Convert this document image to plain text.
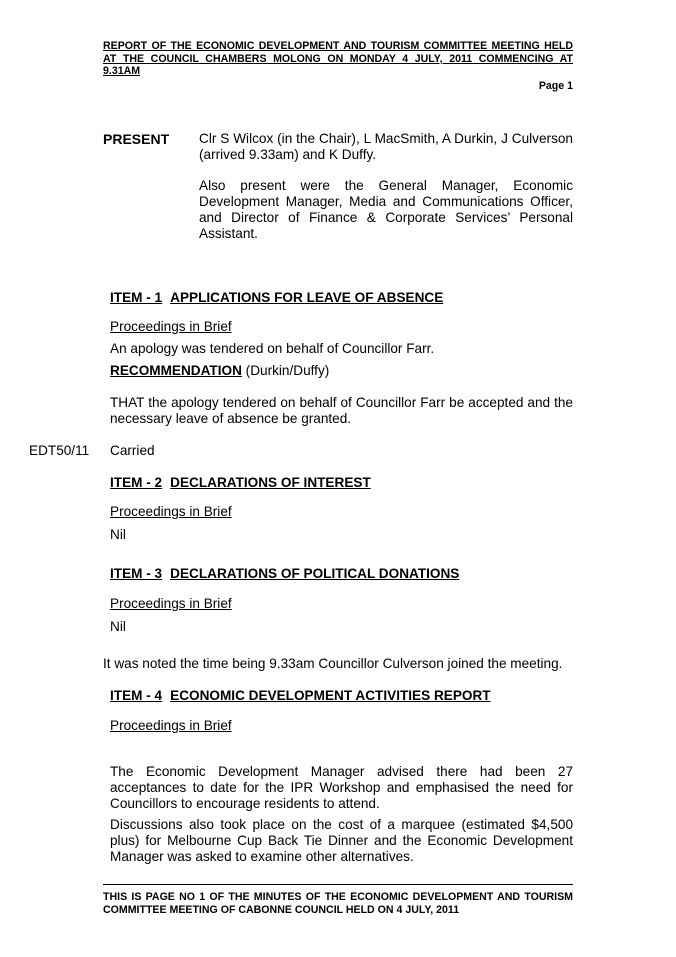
REPORT OF THE ECONOMIC DEVELOPMENT AND TOURISM COMMITTEE MEETING HELD AT THE COUNCIL CHAMBERS MOLONG ON MONDAY 4 JULY, 2011 COMMENCING AT 9.31AM
Page 1
PRESENT Clr S Wilcox (in the Chair), L MacSmith, A Durkin, J Culverson (arrived 9.33am) and K Duffy.
Also present were the General Manager, Economic Development Manager, Media and Communications Officer, and Director of Finance & Corporate Services’ Personal Assistant.
ITEM - 1 APPLICATIONS FOR LEAVE OF ABSENCE
Proceedings in Brief
An apology was tendered on behalf of Councillor Farr.
RECOMMENDATION (Durkin/Duffy)
THAT the apology tendered on behalf of Councillor Farr be accepted and the necessary leave of absence be granted.
EDT50/11 Carried
ITEM - 2 DECLARATIONS OF INTEREST
Proceedings in Brief
Nil
ITEM - 3 DECLARATIONS OF POLITICAL DONATIONS
Proceedings in Brief
Nil
It was noted the time being 9.33am Councillor Culverson joined the meeting.
ITEM - 4 ECONOMIC DEVELOPMENT ACTIVITIES REPORT
Proceedings in Brief
The Economic Development Manager advised there had been 27 acceptances to date for the IPR Workshop and emphasised the need for Councillors to encourage residents to attend.
Discussions also took place on the cost of a marquee (estimated $4,500 plus) for Melbourne Cup Back Tie Dinner and the Economic Development Manager was asked to examine other alternatives.
THIS IS PAGE NO 1 OF THE MINUTES OF THE ECONOMIC DEVELOPMENT AND TOURISM COMMITTEE MEETING OF CABONNE COUNCIL HELD ON 4 JULY, 2011
